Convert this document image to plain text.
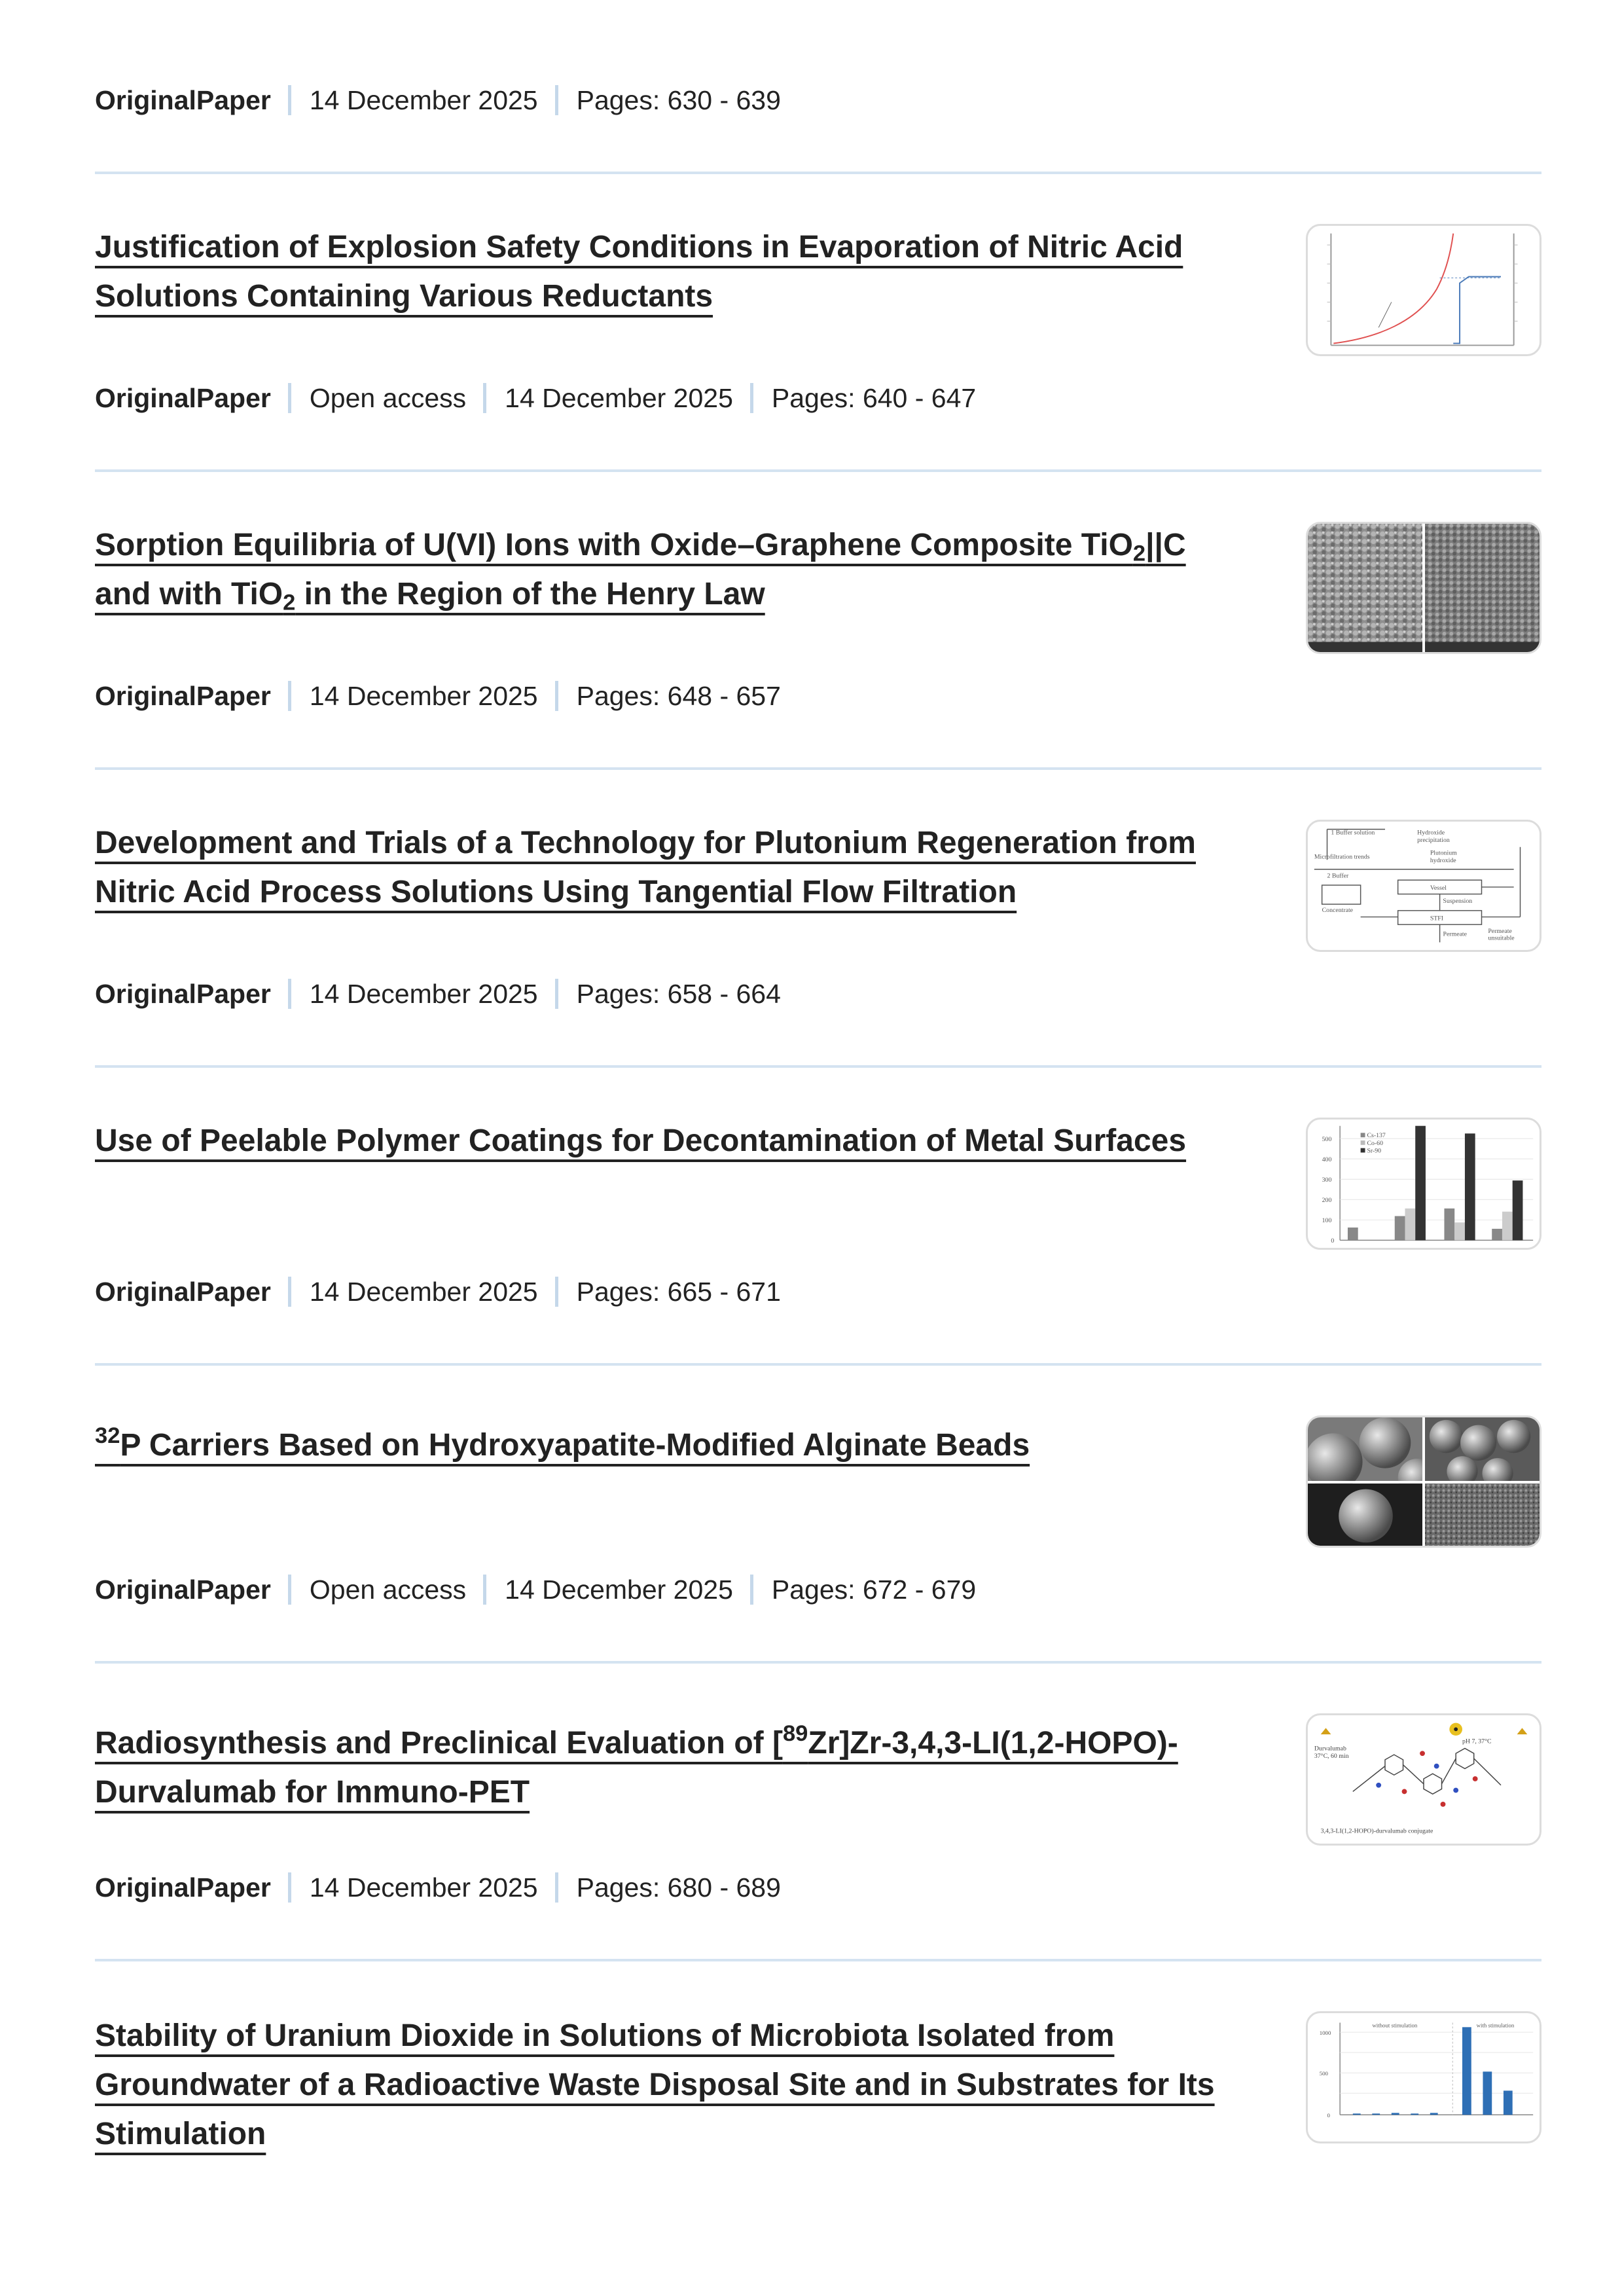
OriginalPaper 14 December 2025 Pages: 630 - 639
Justification of Explosion Safety Conditions in Evaporation of Nitric Acid Solutions Containing Various Reductants
OriginalPaper Open access 14 December 2025 Pages: 640 - 647
Sorption Equilibria of U(VI) Ions with Oxide–Graphene Composite TiO$_2$||C and with TiO$_2$ in the Region of the Henry Law
OriginalPaper 14 December 2025 Pages: 648 - 657
Development and Trials of a Technology for Plutonium Regeneration from Nitric Acid Process Solutions Using Tangential Flow Filtration
1 Buffer solution	Hydroxide
precipitation
Microfiltration trends
Plutonium
hydroxide
2 Buffer
Vessel
Suspension
STFI
Concentrate
Permeate	Permeate
unsuitable
OriginalPaper 14 December 2025 Pages: 658 - 664
Use of Peelable Polymer Coatings for Decontamination of Metal Surfaces	500
400
300
200
100
0
Cs-137
Co-60
Sr-90
OriginalPaper 14 December 2025 Pages: 665 - 671
$^{32}$P Carriers Based on Hydroxyapatite-Modified Alginate Beads
OriginalPaper Open access 14 December 2025 Pages: 672 - 679
Radiosynthesis and Preclinical Evaluation of [$^{89}$Zr]Zr-3,4,3-LI(1,2-HOPO)-Durvalumab for Immuno-PET
Durvalumab
37°C, 60 min
pH 7, 37°C
3,4,3-LI(1,2-HOPO)-durvalumab conjugate
OriginalPaper 14 December 2025 Pages: 680 - 689
Stability of Uranium Dioxide in Solutions of Microbiota Isolated from Groundwater of a Radioactive Waste Disposal Site and in Substrates for Its Stimulation
without stimulation	with stimulation
1000
500
0
